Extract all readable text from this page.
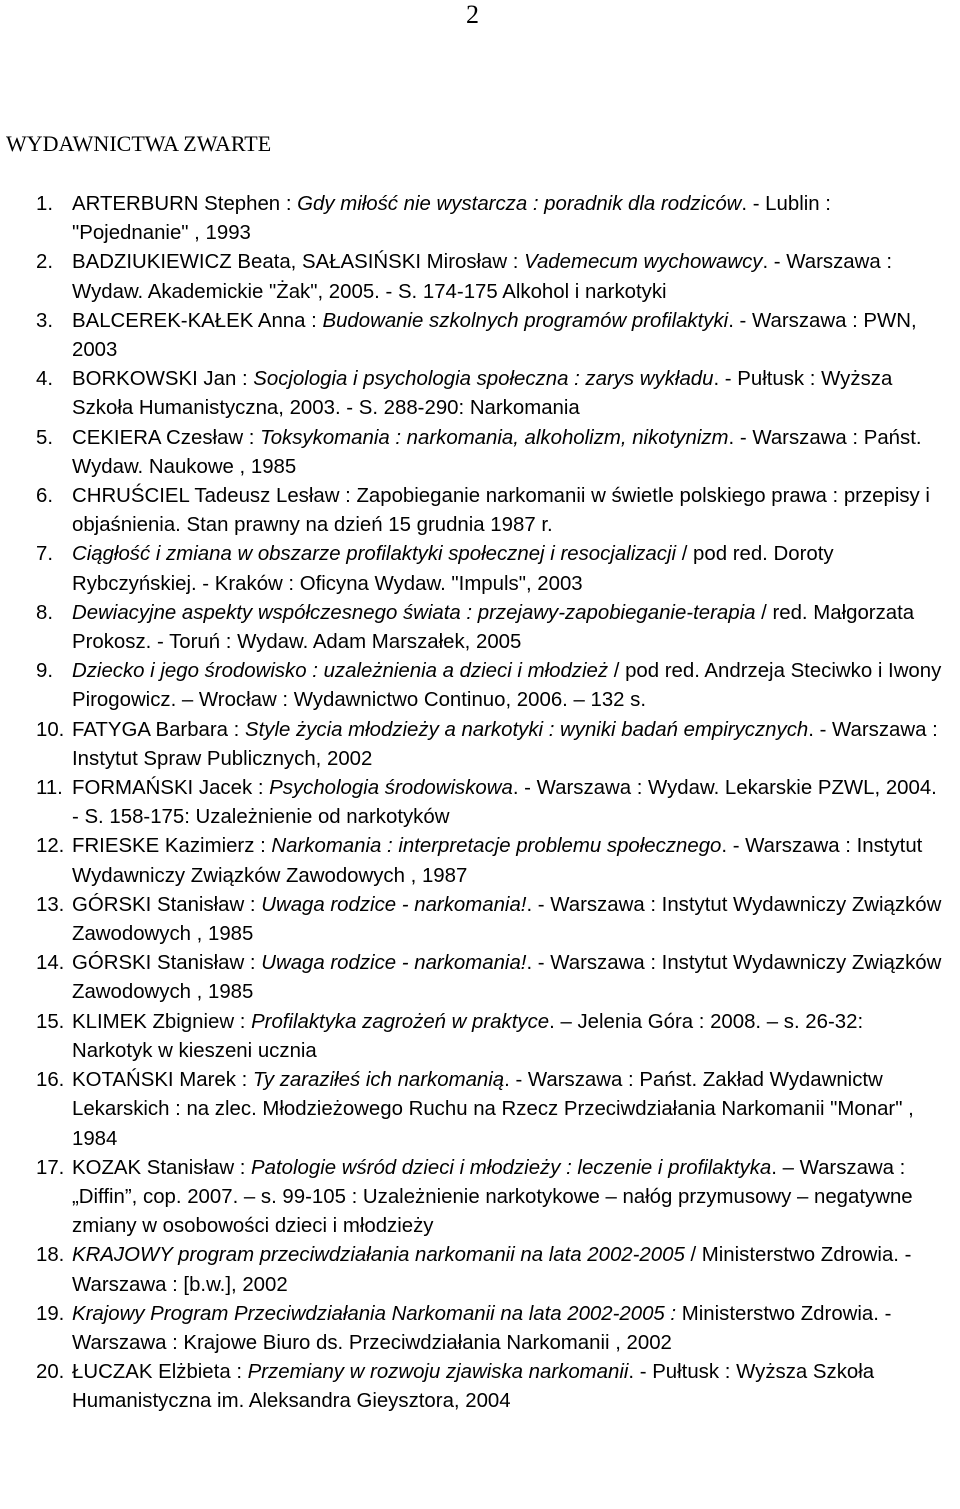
2
WYDAWNICTWA ZWARTE
1. ARTERBURN Stephen : Gdy miłość nie wystarcza : poradnik dla rodziców. - Lublin : "Pojednanie" , 1993
2. BADZIUKIEWICZ Beata, SAŁASIŃSKI Mirosław : Vademecum wychowawcy. - Warszawa : Wydaw. Akademickie "Żak", 2005. - S. 174-175 Alkohol i narkotyki
3. BALCEREK-KAŁEK Anna : Budowanie szkolnych programów profilaktyki. - Warszawa : PWN, 2003
4. BORKOWSKI Jan : Socjologia i psychologia społeczna : zarys wykładu. - Pułtusk : Wyższa Szkoła Humanistyczna, 2003. - S. 288-290: Narkomania
5. CEKIERA Czesław : Toksykomania : narkomania, alkoholizm, nikotynizm. - Warszawa : Państ. Wydaw. Naukowe , 1985
6. CHRUŚCIEL Tadeusz Lesław : Zapobieganie narkomanii w świetle polskiego prawa : przepisy i objaśnienia. Stan prawny na dzień 15 grudnia 1987 r.
7. Ciągłość i zmiana w obszarze profilaktyki społecznej i resocjalizacji / pod red. Doroty Rybczyńskiej. - Kraków : Oficyna Wydaw. "Impuls", 2003
8. Dewiacyjne aspekty współczesnego świata : przejawy-zapobieganie-terapia / red. Małgorzata Prokosz. - Toruń : Wydaw. Adam Marszałek, 2005
9. Dziecko i jego środowisko : uzależnienia a dzieci i młodzież / pod red. Andrzeja Steciwko i Iwony Pirogowicz. – Wrocław : Wydawnictwo Continuo, 2006. – 132 s.
10. FATYGA Barbara : Style życia młodzieży a narkotyki : wyniki badań empirycznych. - Warszawa : Instytut Spraw Publicznych, 2002
11. FORMAŃSKI Jacek : Psychologia środowiskowa. - Warszawa : Wydaw. Lekarskie PZWL, 2004. - S. 158-175: Uzależnienie od narkotyków
12. FRIESKE Kazimierz : Narkomania : interpretacje problemu społecznego. - Warszawa : Instytut Wydawniczy Związków Zawodowych , 1987
13. GÓRSKI Stanisław : Uwaga rodzice - narkomania!. - Warszawa : Instytut Wydawniczy Związków Zawodowych , 1985
14. GÓRSKI Stanisław : Uwaga rodzice - narkomania!. - Warszawa : Instytut Wydawniczy Związków Zawodowych , 1985
15. KLIMEK Zbigniew : Profilaktyka zagrożeń w praktyce. – Jelenia Góra : 2008. – s. 26-32: Narkotyk w kieszeni ucznia
16. KOTAŃSKI Marek : Ty zaraziłeś ich narkomanią. - Warszawa : Państ. Zakład Wydawnictw Lekarskich : na zlec. Młodzieżowego Ruchu na Rzecz Przeciwdziałania Narkomanii "Monar" , 1984
17. KOZAK Stanisław : Patologie wśród dzieci i młodzieży : leczenie i profilaktyka. – Warszawa : „Diffin”, cop. 2007. – s. 99-105 : Uzależnienie narkotykowe – nałóg przymusowy – negatywne zmiany w osobowości dzieci i młodzieży
18. KRAJOWY program przeciwdziałania narkomanii na lata 2002-2005 / Ministerstwo Zdrowia. - Warszawa : [b.w.], 2002
19. Krajowy Program Przeciwdziałania Narkomanii na lata 2002-2005 : Ministerstwo Zdrowia. - Warszawa : Krajowe Biuro ds. Przeciwdziałania Narkomanii , 2002
20. ŁUCZAK Elżbieta : Przemiany w rozwoju zjawiska narkomanii. - Pułtusk : Wyższa Szkoła Humanistyczna im. Aleksandra Gieysztora, 2004
